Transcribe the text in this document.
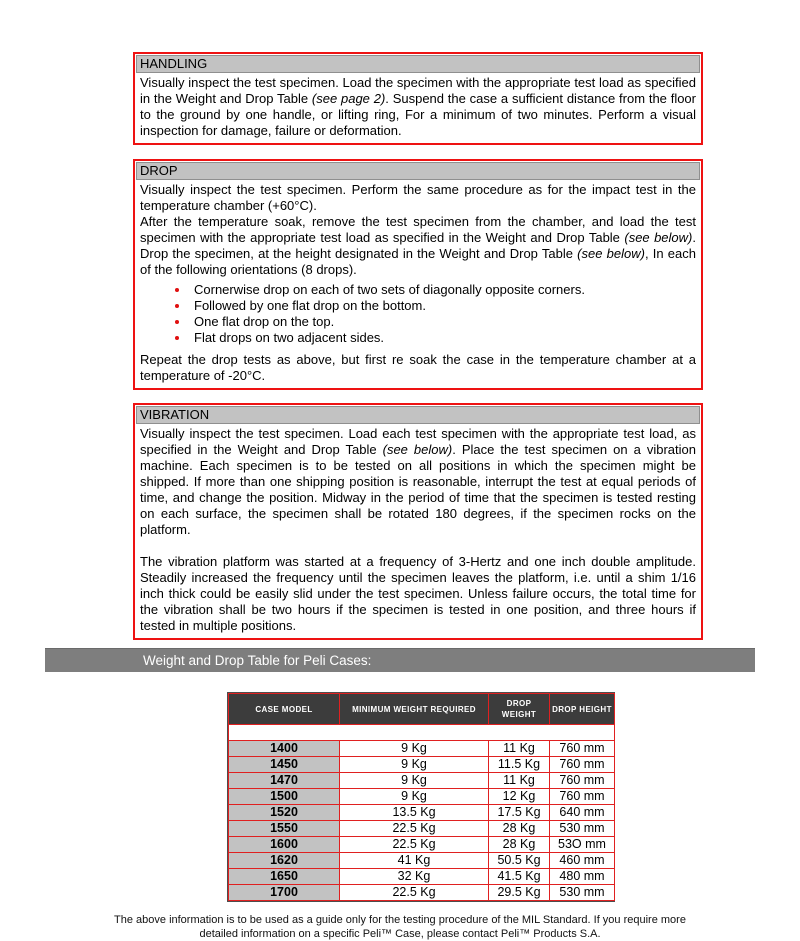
HANDLING

Visually inspect the test specimen. Load the specimen with the appropriate test load as specified in the Weight and Drop Table (see page 2). Suspend the case a sufficient distance from the floor to the ground by one handle, or lifting ring, For a minimum of two minutes. Perform a visual inspection for damage, failure or deformation.

DROP

Visually inspect the test specimen. Perform the same procedure as for the impact test in the temperature chamber (+60°C).

After the temperature soak, remove the test specimen from the chamber, and load the test specimen with the appropriate test load as specified in the Weight and Drop Table (see below). Drop the specimen, at the height designated in the Weight and Drop Table (see below), In each of the following orientations (8 drops).

• Cornerwise drop on each of two sets of diagonally opposite corners.
• Followed by one flat drop on the bottom.
• One flat drop on the top.
• Flat drops on two adjacent sides.

Repeat the drop tests as above, but first re soak the case in the temperature chamber at a temperature of -20°C.

VIBRATION

Visually inspect the test specimen. Load each test specimen with the appropriate test load, as specified in the Weight and Drop Table (see below). Place the test specimen on a vibration machine. Each specimen is to be tested on all positions in which the specimen might be shipped. If more than one shipping position is reasonable, interrupt the test at equal periods of time, and change the position. Midway in the period of time that the specimen is tested resting on each surface, the specimen shall be rotated 180 degrees, if the specimen rocks on the platform.

The vibration platform was started at a frequency of 3-Hertz and one inch double amplitude. Steadily increased the frequency until the specimen leaves the platform, i.e. until a shim 1/16 inch thick could be easily slid under the test specimen. Unless failure occurs, the total time for the vibration shall be two hours if the specimen is tested in one position, and three hours if tested in multiple positions.

Weight and Drop Table for Peli Cases:
CASE MODEL	MINIMUM WEIGHT REQUIRED	DROP WEIGHT	DROP HEIGHT

1400	9 Kg	11 Kg	760 mm
1450	9 Kg	11.5 Kg	760 mm
1470	9 Kg	11 Kg	760 mm
1500	9 Kg	12 Kg	760 mm
1520	13.5 Kg	17.5 Kg	640 mm
1550	22.5 Kg	28 Kg	530 mm
1600	22.5 Kg	28 Kg	53O mm
1620	41 Kg	50.5 Kg	460 mm
1650	32 Kg	41.5 Kg	480 mm
1700	22.5 Kg	29.5 Kg	530 mm
The above information is to be used as a guide only for the testing procedure of the MIL Standard. If you require more
detailed information on a specific Peli™ Case, please contact Peli™ Products S.A.
